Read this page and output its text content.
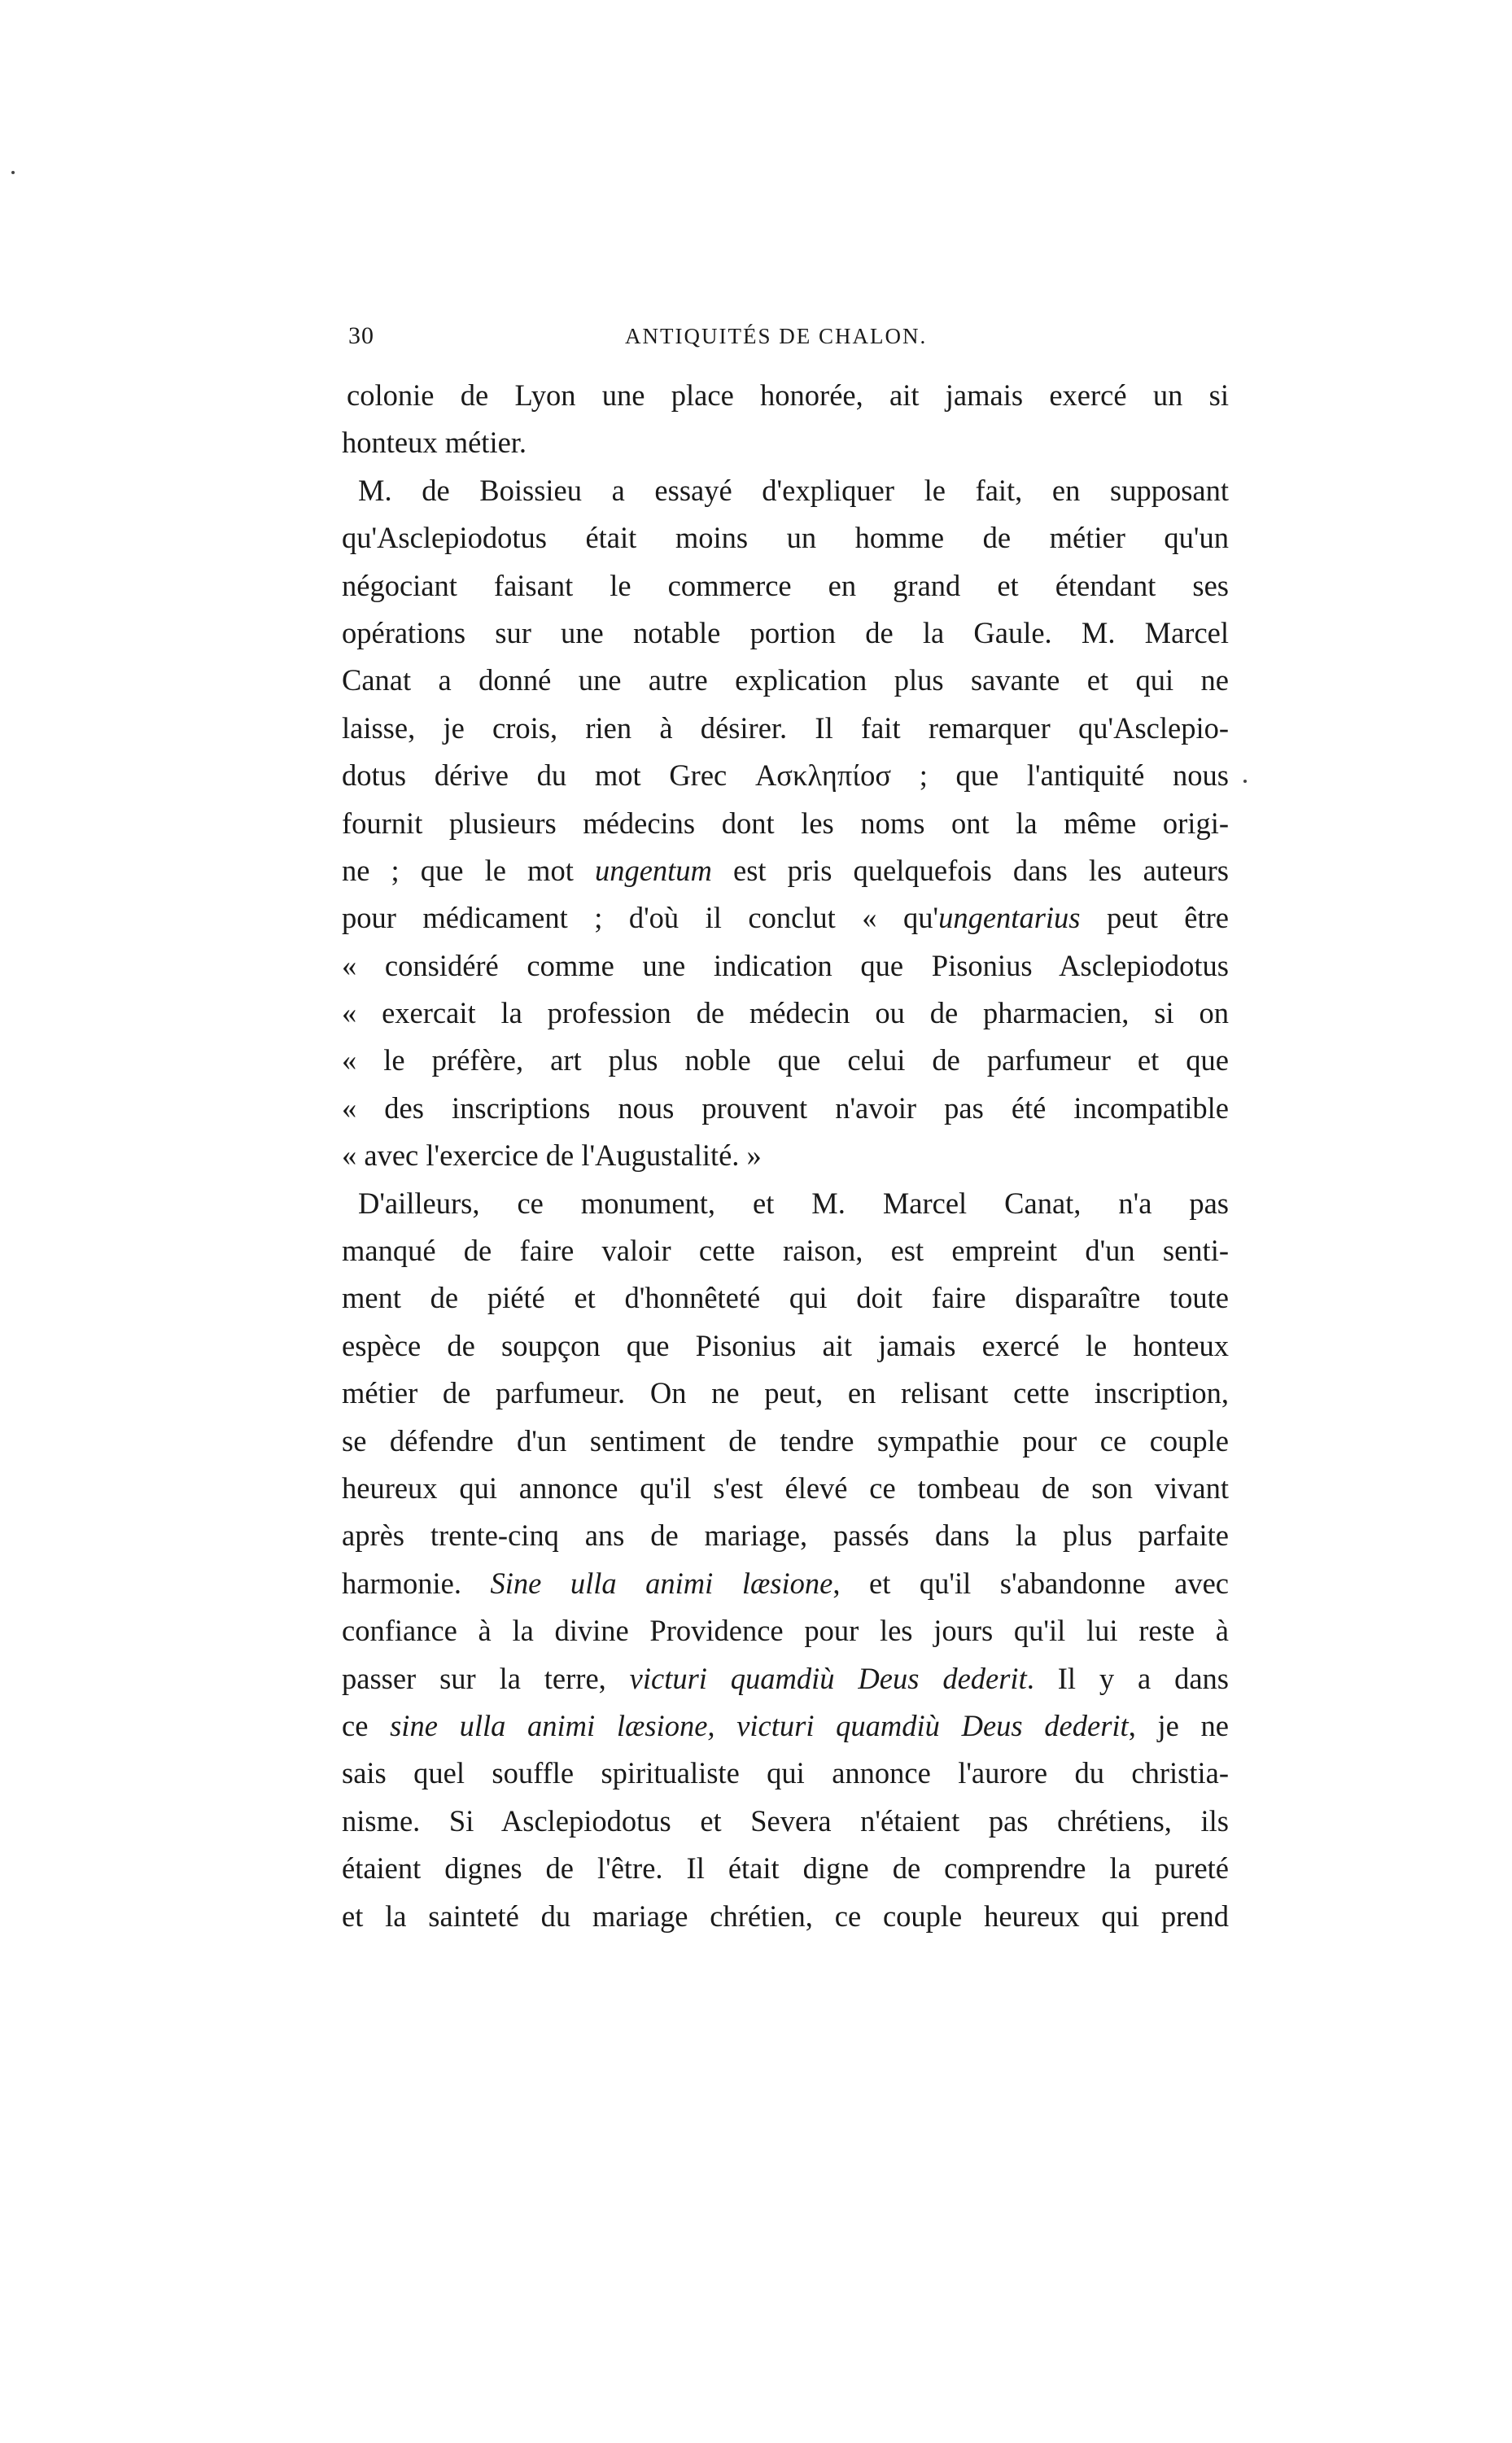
30	ANTIQUITÉS DE CHALON.
colonie de Lyon une place honorée, ait jamais exercé un si
honteux métier.
M. de Boissieu a essayé d'expliquer le fait, en supposant
qu'Asclepiodotus était moins un homme de métier qu'un
négociant faisant le commerce en grand et étendant ses
opérations sur une notable portion de la Gaule. M. Marcel
Canat a donné une autre explication plus savante et qui ne
laisse, je crois, rien à désirer. Il fait remarquer qu'Asclepio-
dotus dérive du mot Grec Ασκληπίοσ ; que l'antiquité nous
fournit plusieurs médecins dont les noms ont la même origi-
ne ; que le mot ungentum est pris quelquefois dans les auteurs
pour médicament ; d'où il conclut « qu'ungentarius peut être
« considéré comme une indication que Pisonius Asclepiodotus
« exercait la profession de médecin ou de pharmacien, si on
« le préfère, art plus noble que celui de parfumeur et que
« des inscriptions nous prouvent n'avoir pas été incompatible
« avec l'exercice de l'Augustalité. »
D'ailleurs, ce monument, et M. Marcel Canat, n'a pas
manqué de faire valoir cette raison, est empreint d'un senti-
ment de piété et d'honnêteté qui doit faire disparaître toute
espèce de soupçon que Pisonius ait jamais exercé le honteux
métier de parfumeur. On ne peut, en relisant cette inscription,
se défendre d'un sentiment de tendre sympathie pour ce couple
heureux qui annonce qu'il s'est élevé ce tombeau de son vivant
après trente-cinq ans de mariage, passés dans la plus parfaite
harmonie. Sine ulla animi læsione, et qu'il s'abandonne avec
confiance à la divine Providence pour les jours qu'il lui reste à
passer sur la terre, victuri quamdiù Deus dederit. Il y a dans
ce sine ulla animi læsione, victuri quamdiù Deus dederit, je ne
sais quel souffle spiritualiste qui annonce l'aurore du christia-
nisme. Si Asclepiodotus et Severa n'étaient pas chrétiens, ils
étaient dignes de l'être. Il était digne de comprendre la pureté
et la sainteté du mariage chrétien, ce couple heureux qui prend
